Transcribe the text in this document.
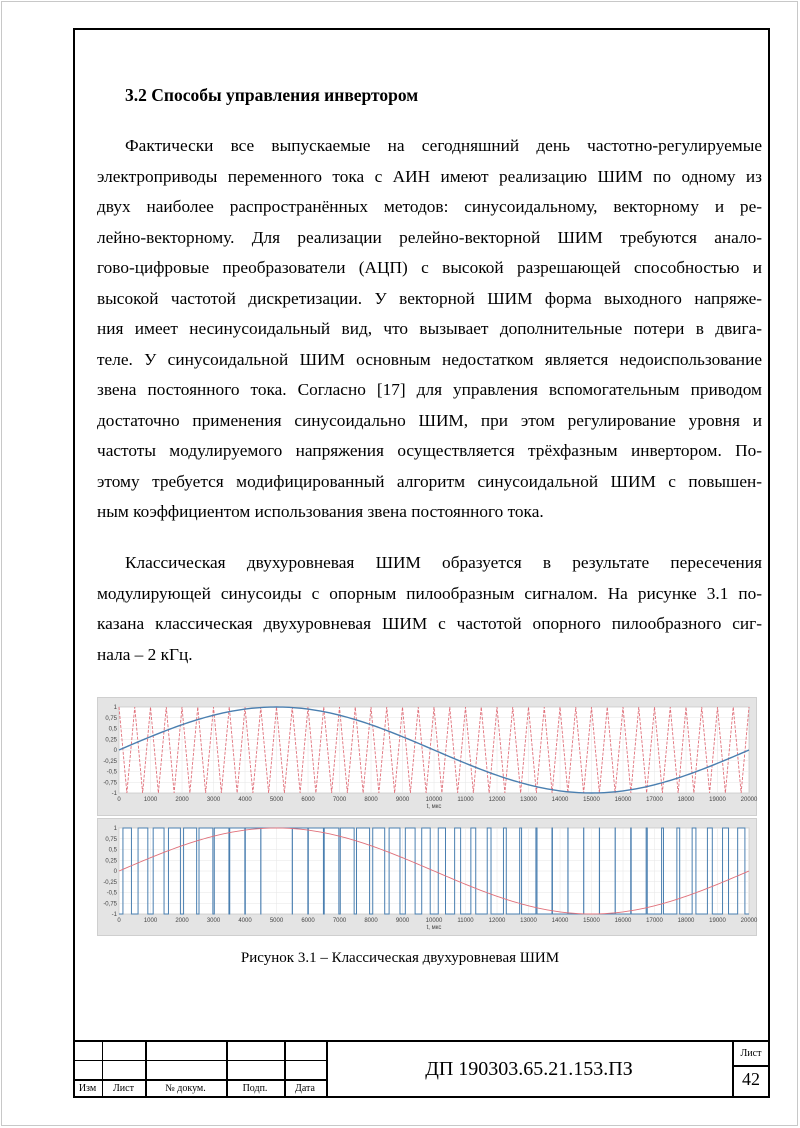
3.2 Способы управления инвертором
Фактически все выпускаемые на сегодняшний день частотно-регулируемые
электроприводы переменного тока с АИН имеют реализацию ШИМ по одному из
двух наиболее распространённых методов: синусоидальному, векторному и ре-
лейно-векторному. Для реализации релейно-векторной ШИМ требуются анало-
гово-цифровые преобразователи (АЦП) с высокой разрешающей способностью и
высокой частотой дискретизации. У векторной ШИМ форма выходного напряже-
ния имеет несинусоидальный вид, что вызывает дополнительные потери в двига-
теле. У синусоидальной ШИМ основным недостатком является недоиспользование
звена постоянного тока. Согласно [17] для управления вспомогательным приводом
достаточно применения синусоидально ШИМ, при этом регулирование уровня и
частоты модулируемого напряжения осуществляется трёхфазным инвертором. По-
этому требуется модифицированный алгоритм синусоидальной ШИМ с повышен-
ным коэффициентом использования звена постоянного тока.
Классическая двухуровневая ШИМ образуется в результате пересечения
модулирующей синусоиды с опорным пилообразным сигналом. На рисунке 3.1 по-
казана классическая двухуровневая ШИМ с частотой опорного пилообразного сиг-
нала – 2 кГц.
0	1000	2000	3000	4000	5000	6000	7000	8000	9000	10000	11000	12000 13000 14000 15000 16000 17000 18000 19000 20000
1
0,75
0,5
0,25
0
-0,25
-0,5
-0,75
-1
t, мкс
0	1000	2000	3000	4000	5000	6000	7000	8000	9000	10000	11000	12000 13000 14000 15000 16000 17000 18000 19000 20000
1
0,75
0,5
0,25
0
-0,25
-0,5
-0,75
-1
t, мкс
Рисунок 3.1 – Классическая двухуровневая ШИМ
Изм	Лист	№ докум.	Подп.	Дата
ДП 190303.65.21.153.ПЗ
Лист
42
